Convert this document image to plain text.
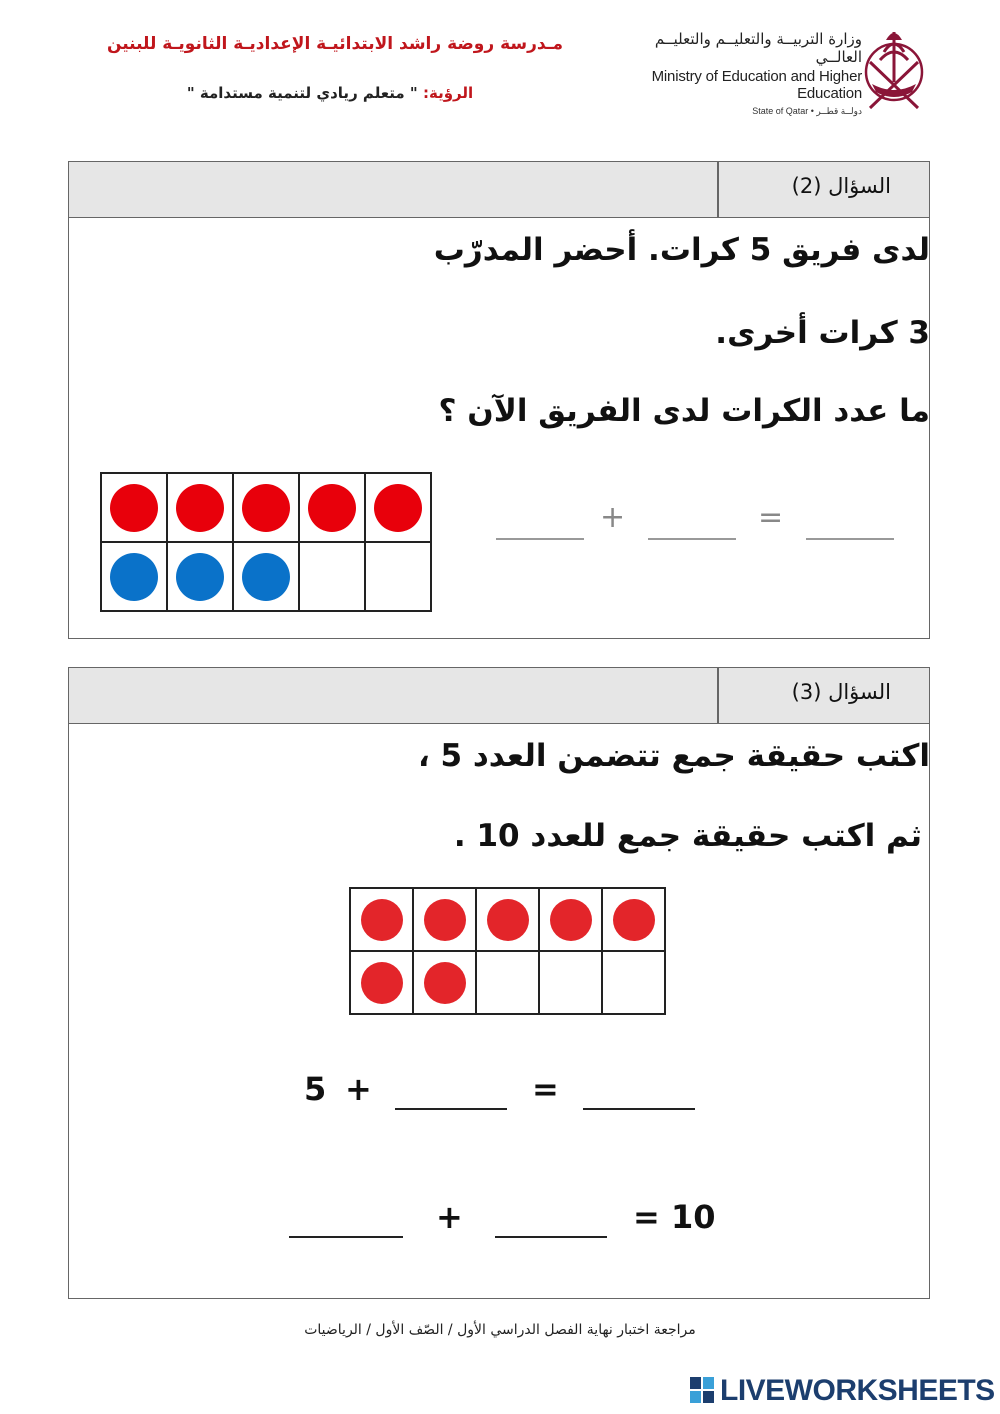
مـدرسة روضة راشد الابتدائيـة الإعداديـة الثانويـة للبنين
الرؤية: " متعلم ريادي لتنمية مستدامة "
وزارة التربيــة والتعليــم والتعليــم العالــي
Ministry of Education and Higher Education
State of Qatar • دولــة قطــر
السؤال (2)
لدى فريق 5 كرات. أحضر المدرّب
3 كرات أخرى.
ما عدد الكرات لدى الفريق الآن ؟

+	=
السؤال (3)
اكتب حقيقة جمع تتضمن العدد 5 ،
ثم اكتب حقيقة جمع للعدد 10 .

5 +	=
+	= 10
مراجعة اختبار نهاية الفصل الدراسي الأول / الصّف الأول / الرياضيات
LIVEWORKSHEETS
